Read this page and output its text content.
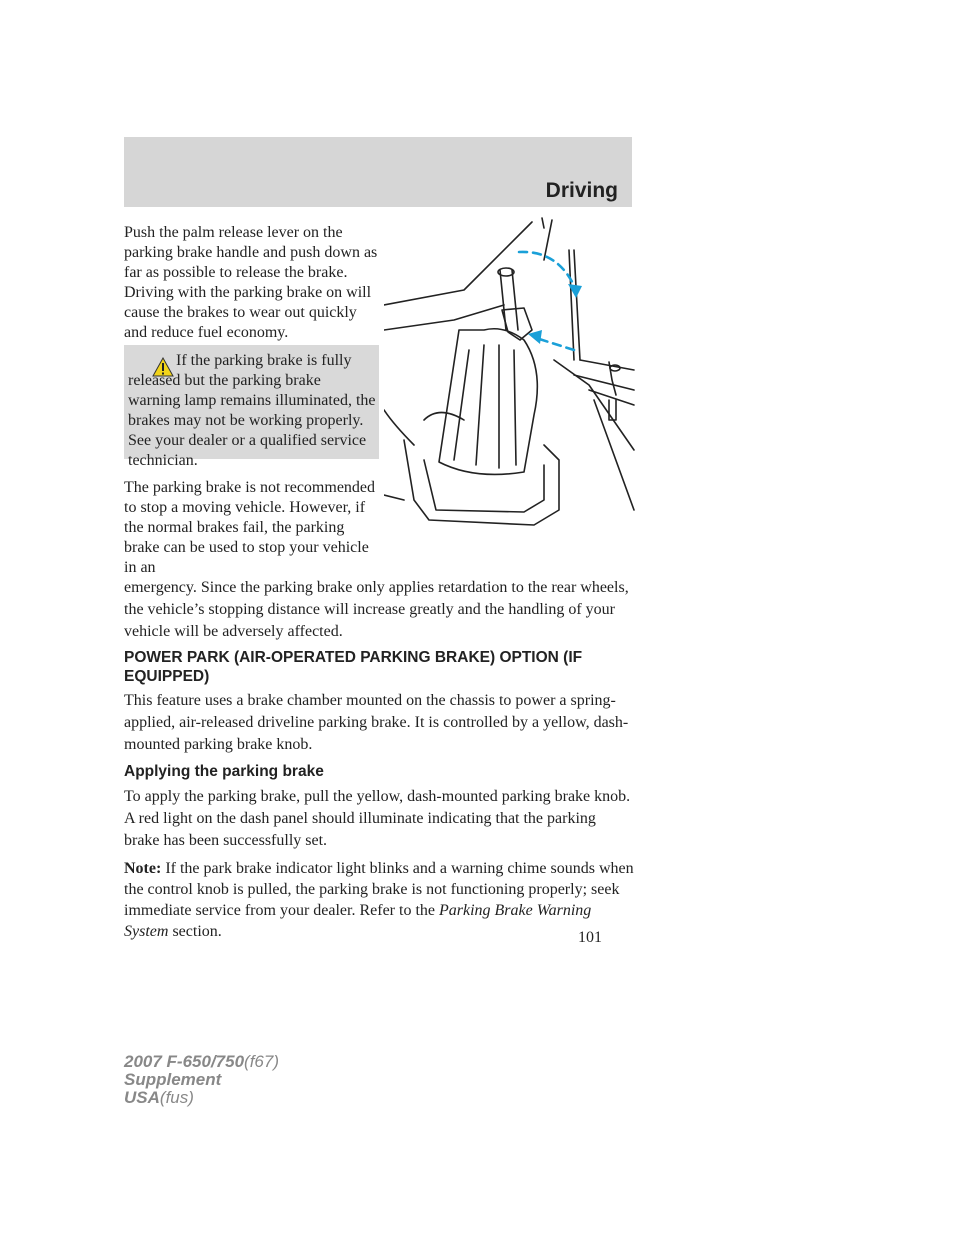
Driving

Push the palm release lever on the parking brake handle and push down as far as possible to release the brake. Driving with the parking brake on will cause the brakes to wear out quickly and reduce fuel economy.

If the parking brake is fully released but the parking brake warning lamp remains illuminated, the brakes may not be working properly. See your dealer or a qualified service technician.

The parking brake is not recommended to stop a moving vehicle. However, if the normal brakes fail, the parking brake can be used to stop your vehicle in an

emergency. Since the parking brake only applies retardation to the rear wheels, the vehicle’s stopping distance will increase greatly and the handling of your vehicle will be adversely affected.

POWER PARK (AIR-OPERATED PARKING BRAKE) OPTION (IF EQUIPPED)

This feature uses a brake chamber mounted on the chassis to power a spring-applied, air-released driveline parking brake. It is controlled by a yellow, dash-mounted parking brake knob.

Applying the parking brake

To apply the parking brake, pull the yellow, dash-mounted parking brake knob. A red light on the dash panel should illuminate indicating that the parking brake has been successfully set.

Note: If the park brake indicator light blinks and a warning chime sounds when the control knob is pulled, the parking brake is not functioning properly; seek immediate service from your dealer. Refer to the Parking Brake Warning System section.	101
2007 F-650/750(f67)
Supplement
USA(fus)
